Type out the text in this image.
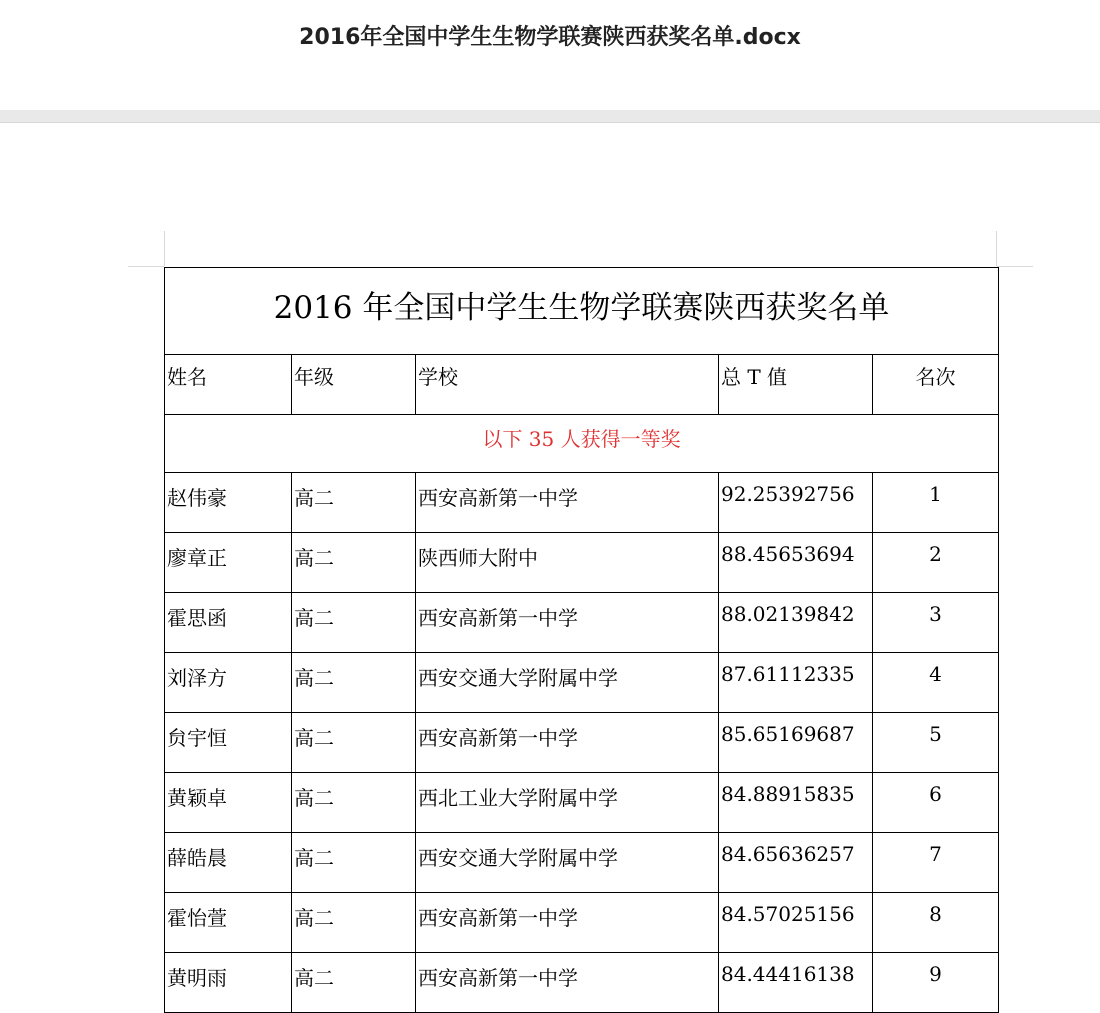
2016年全国中学生生物学联赛陕西获奖名单.docx
2016 年全国中学生生物学联赛陕西获奖名单				
姓名	年级	学校	总 T 值	名次
以下 35 人获得一等奖				
赵伟豪	高二	西安高新第一中学	92.25392756	1
廖章正	高二	陕西师大附中	88.45653694	2
霍思函	高二	西安高新第一中学	88.02139842	3
刘泽方	高二	西安交通大学附属中学	87.61112335	4
贠宇恒	高二	西安高新第一中学	85.65169687	5
黄颖卓	高二	西北工业大学附属中学	84.88915835	6
薛皓晨	高二	西安交通大学附属中学	84.65636257	7
霍怡萱	高二	西安高新第一中学	84.57025156	8
黄明雨	高二	西安高新第一中学	84.44416138	9
